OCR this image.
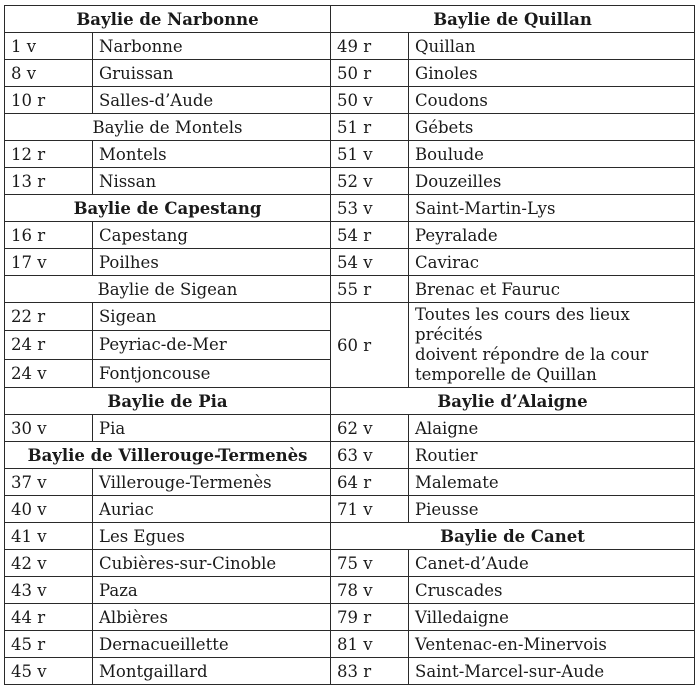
Baylie de Narbonne		Baylie de Quillan	
1 v	Narbonne	49 r	Quillan
8 v	Gruissan	50 r	Ginoles
10 r	Salles-d’Aude	50 v	Coudons
Baylie de Montels		51 r	Gébets
12 r	Montels	51 v	Boulude
13 r	Nissan	52 v	Douzeilles
Baylie de Capestang		53 v	Saint-Martin-Lys
16 r	Capestang	54 r	Peyralade
17 v	Poilhes	54 v	Cavirac
Baylie de Sigean		55 r	Brenac et Fauruc
22 r	Sigean	60 r	Toutes les cours des lieux précités
doivent répondre de la cour
temporelle de Quillan

24 r	Peyriac-de-Mer		
24 v	Fontjoncouse		
Baylie de Pia		Baylie d’Alaigne	
30 v	Pia	62 v	Alaigne
Baylie de Villerouge-Termenès		63 v	Routier
37 v	Villerouge-Termenès	64 r	Malemate
40 v	Auriac	71 v	Pieusse
41 v	Les Egues	Baylie de Canet	
42 v	Cubières-sur-Cinoble	75 v	Canet-d’Aude
43 v	Paza	78 v	Cruscades
44 r	Albières	79 r	Villedaigne
45 r	Dernacueillette	81 v	Ventenac-en-Minervois
45 v	Montgaillard	83 r	Saint-Marcel-sur-Aude
